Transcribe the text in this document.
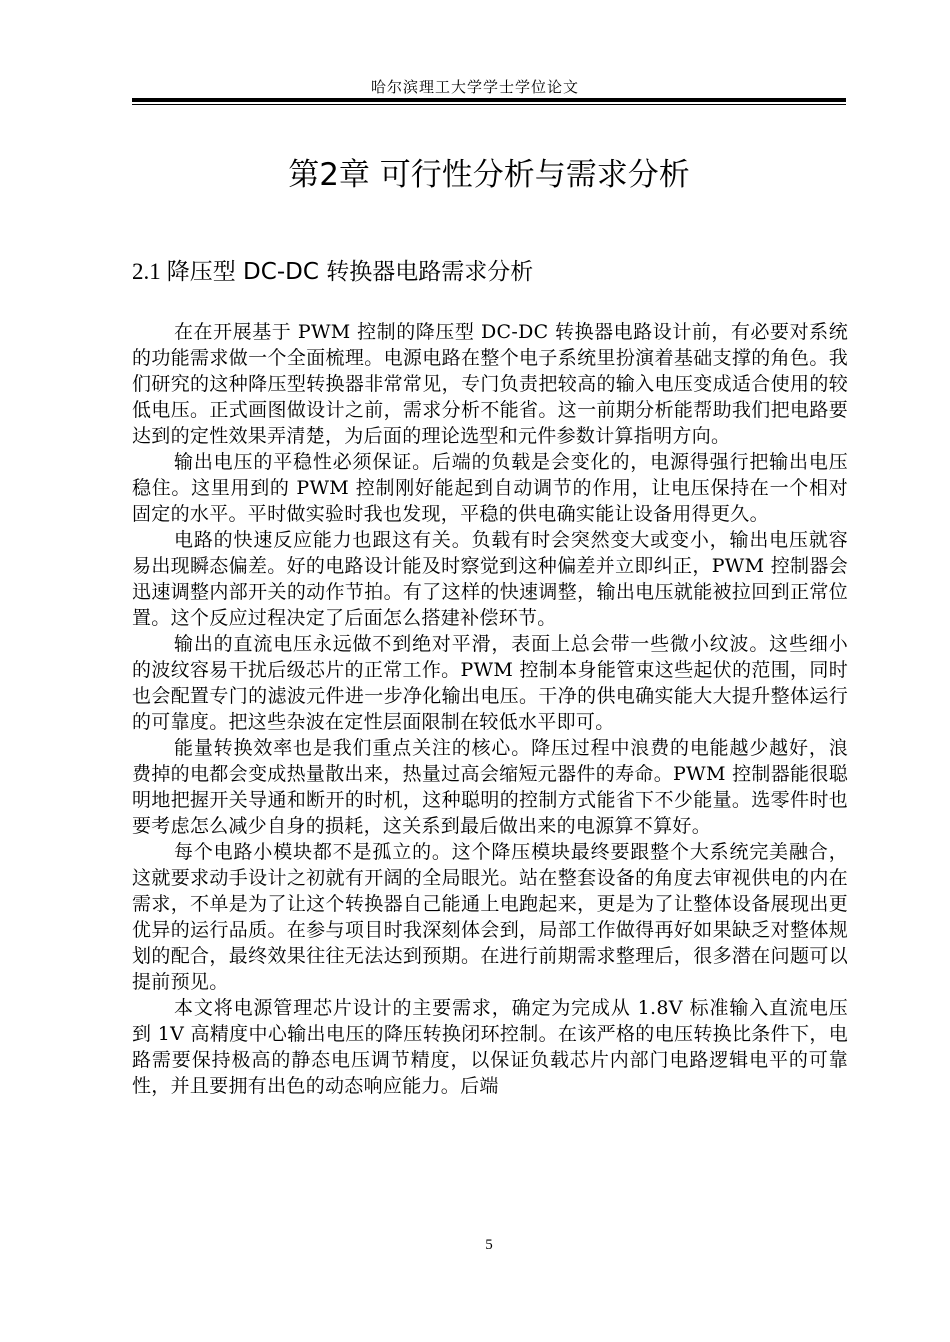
哈尔滨理工大学学士学位论文
第2章 可行性分析与需求分析
2.1 降压型 DC-DC 转换器电路需求分析

在在开展基于 PWM 控制的降压型 DC-DC 转换器电路设计前，有必要对系统的功能需求做一个全面梳理。电源电路在整个电子系统里扮演着基础支撑的角色。我们研究的这种降压型转换器非常常见，专门负责把较高的输入电压变成适合使用的较低电压。正式画图做设计之前，需求分析不能省。这一前期分析能帮助我们把电路要达到的定性效果弄清楚，为后面的理论选型和元件参数计算指明方向。

输出电压的平稳性必须保证。后端的负载是会变化的，电源得强行把输出电压稳住。这里用到的 PWM 控制刚好能起到自动调节的作用，让电压保持在一个相对固定的水平。平时做实验时我也发现，平稳的供电确实能让设备用得更久。

电路的快速反应能力也跟这有关。负载有时会突然变大或变小，输出电压就容易出现瞬态偏差。好的电路设计能及时察觉到这种偏差并立即纠正，PWM 控制器会迅速调整内部开关的动作节拍。有了这样的快速调整，输出电压就能被拉回到正常位置。这个反应过程决定了后面怎么搭建补偿环节。

输出的直流电压永远做不到绝对平滑，表面上总会带一些微小纹波。这些细小的波纹容易干扰后级芯片的正常工作。PWM 控制本身能管束这些起伏的范围，同时也会配置专门的滤波元件进一步净化输出电压。干净的供电确实能大大提升整体运行的可靠度。把这些杂波在定性层面限制在较低水平即可。

能量转换效率也是我们重点关注的核心。降压过程中浪费的电能越少越好，浪费掉的电都会变成热量散出来，热量过高会缩短元器件的寿命。PWM 控制器能很聪明地把握开关导通和断开的时机，这种聪明的控制方式能省下不少能量。选零件时也要考虑怎么减少自身的损耗，这关系到最后做出来的电源算不算好。

每个电路小模块都不是孤立的。这个降压模块最终要跟整个大系统完美融合，这就要求动手设计之初就有开阔的全局眼光。站在整套设备的角度去审视供电的内在需求，不单是为了让这个转换器自己能通上电跑起来，更是为了让整体设备展现出更优异的运行品质。在参与项目时我深刻体会到，局部工作做得再好如果缺乏对整体规划的配合，最终效果往往无法达到预期。在进行前期需求整理后，很多潜在问题可以提前预见。

本文将电源管理芯片设计的主要需求，确定为完成从 1.8V 标准输入直流电压到 1V 高精度中心输出电压的降压转换闭环控制。在该严格的电压转换比条件下，电路需要保持极高的静态电压调节精度，以保证负载芯片内部门电路逻辑电平的可靠性，并且要拥有出色的动态响应能力。后端

5
